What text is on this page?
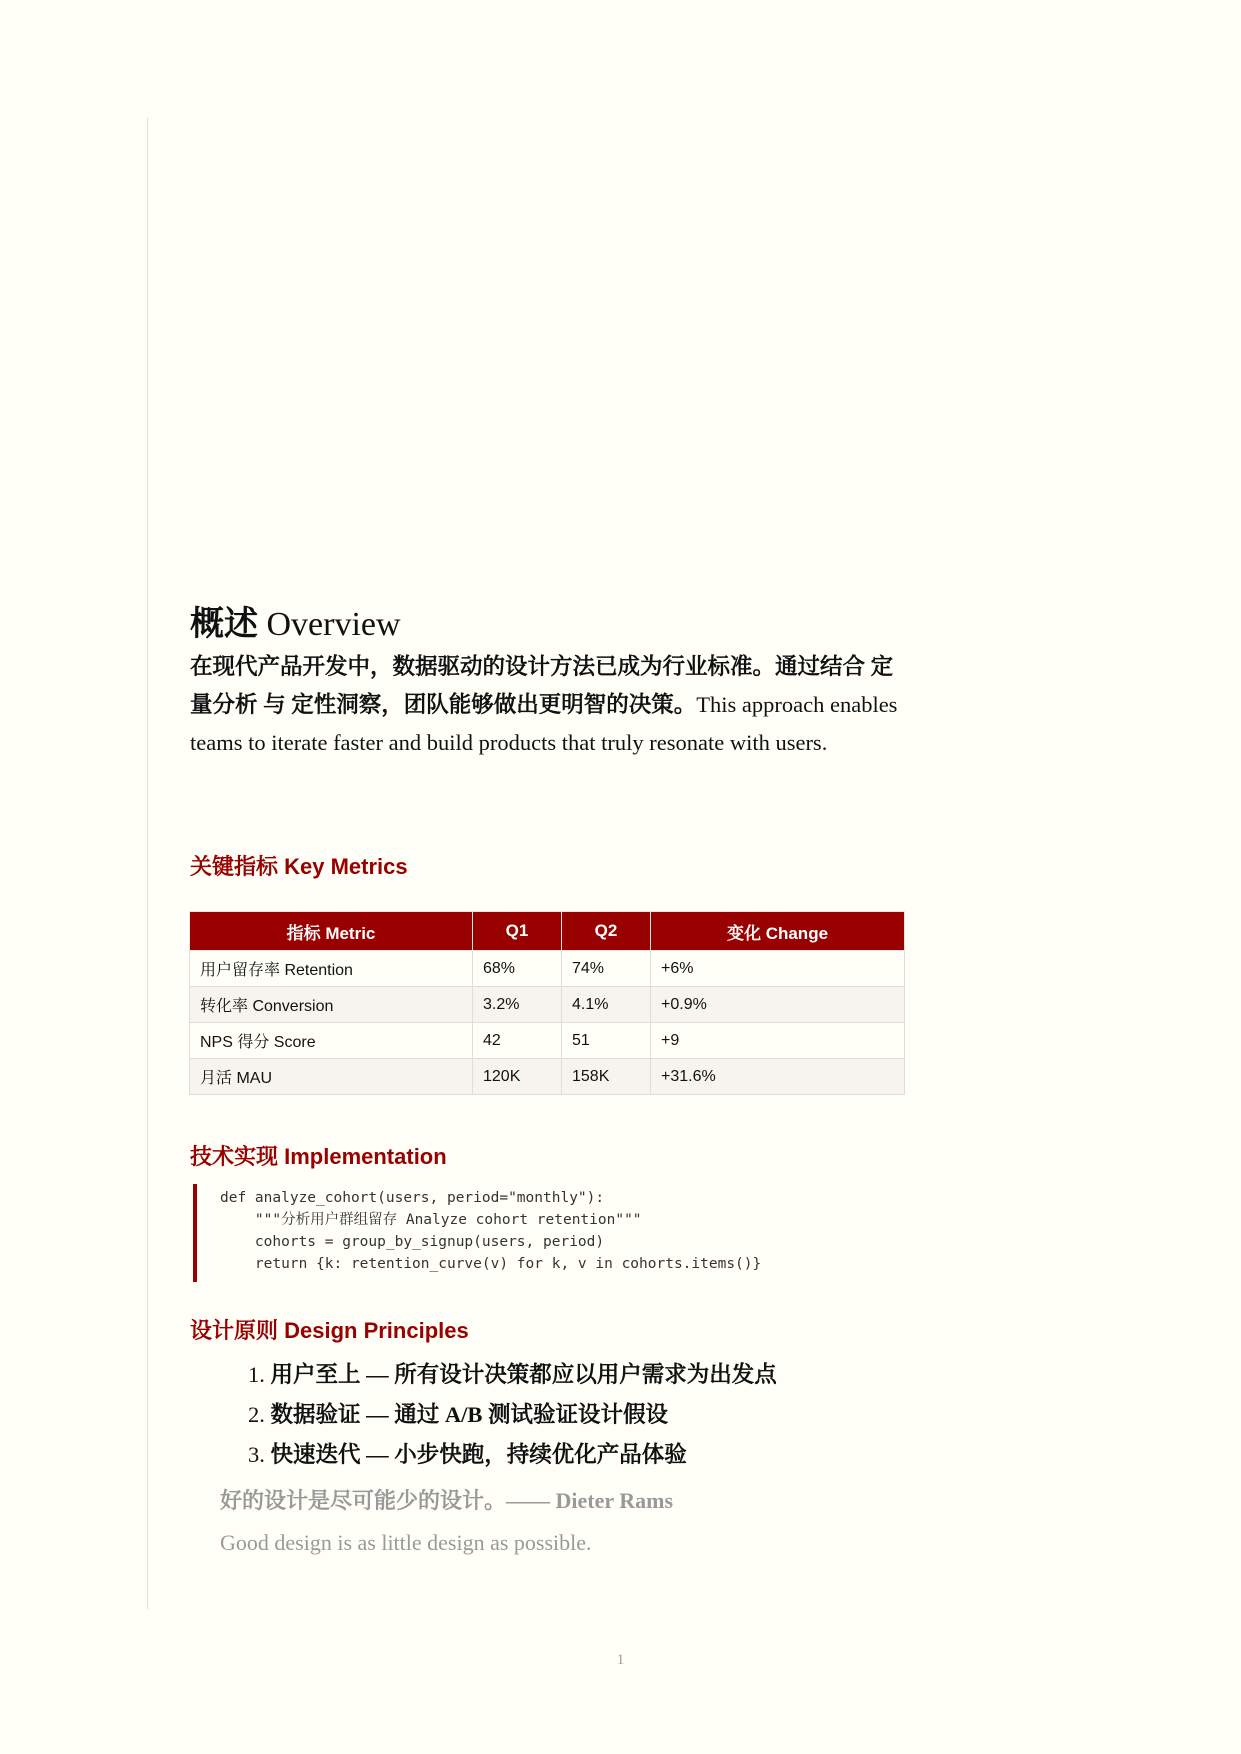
概述 Overview

在现代产品开发中，数据驱动的设计方法已成为行业标准。通过结合 定量分析 与 定性洞察，团队能够做出更明智的决策。This approach enables teams to iterate faster and build products that truly resonate with users.

关键指标 Key Metrics
指标 Metric	Q1	Q2	变化 Change
用户留存率 Retention	68%	74%	+6%
转化率 Conversion	3.2%	4.1%	+0.9%
NPS 得分 Score	42	51	+9
月活 MAU	120K	158K	+31.6%
技术实现 Implementation
def analyze_cohort(users, period="monthly"):
"""分析用户群组留存 Analyze cohort retention"""
cohorts = group_by_signup(users, period)
return {k: retention_curve(v) for k, v in cohorts.items()}
设计原则 Design Principles
1. 用户至上 — 所有设计决策都应以用户需求为出发点
2. 数据验证 — 通过 A/B 测试验证设计假设
3. 快速迭代 — 小步快跑，持续优化产品体验
好的设计是尽可能少的设计。—— Dieter Rams
Good design is as little design as possible.
1
